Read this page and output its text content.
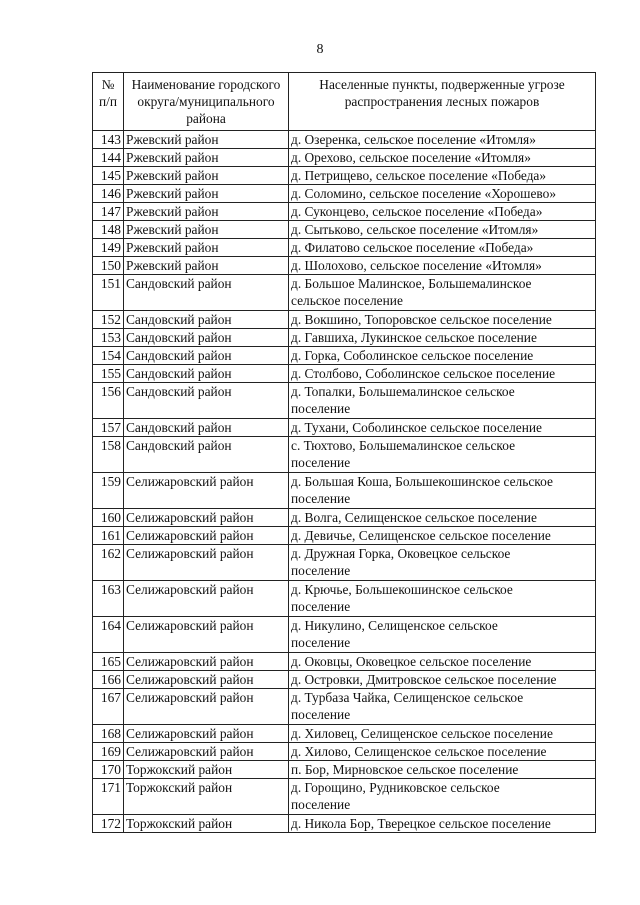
8
№ п/п	Наименование городского округа/муниципального района	Населенные пункты, подверженные угрозе распространения лесных пожаров
143	Ржевский район	д. Озеренка, сельское поселение «Итомля»

144	Ржевский район	д. Орехово, сельское поселение «Итомля»

145	Ржевский район	д. Петрищево, сельское поселение «Победа»

146	Ржевский район	д. Соломино, сельское поселение «Хорошево»

147	Ржевский район	д. Суконцево, сельское поселение «Победа»

148	Ржевский район	д. Сытьково, сельское поселение «Итомля»

149	Ржевский район	д. Филатово сельское поселение «Победа»

150	Ржевский район	д. Шолохово, сельское поселение «Итомля»

151	Сандовский район	д. Большое Малинское, Большемалинское
сельское поселение

152	Сандовский район	д. Вокшино, Топоровское сельское поселение

153	Сандовский район	д. Гавшиха, Лукинское сельское поселение

154	Сандовский район	д. Горка, Соболинское сельское поселение

155	Сандовский район	д. Столбово, Соболинское сельское поселение

156	Сандовский район	д. Топалки, Большемалинское сельское
поселение

157	Сандовский район	д. Тухани, Соболинское сельское поселение

158	Сандовский район	с. Тюхтово, Большемалинское сельское
поселение

159	Селижаровский район	д. Большая Коша, Большекошинское сельское
поселение

160	Селижаровский район	д. Волга, Селищенское сельское поселение

161	Селижаровский район	д. Девичье, Селищенское сельское поселение

162	Селижаровский район	д. Дружная Горка, Оковецкое сельское
поселение

163	Селижаровский район	д. Крючье, Большекошинское сельское
поселение

164	Селижаровский район	д. Никулино, Селищенское сельское
поселение

165	Селижаровский район	д. Оковцы, Оковецкое сельское поселение

166	Селижаровский район	д. Островки, Дмитровское сельское поселение

167	Селижаровский район	д. Турбаза Чайка, Селищенское сельское
поселение

168	Селижаровский район	д. Хиловец, Селищенское сельское поселение

169	Селижаровский район	д. Хилово, Селищенское сельское поселение

170	Торжокский район	п. Бор, Мирновское сельское поселение

171	Торжокский район	д. Горощино, Рудниковское сельское
поселение

172	Торжокский район	д. Никола Бор, Тверецкое сельское поселение
